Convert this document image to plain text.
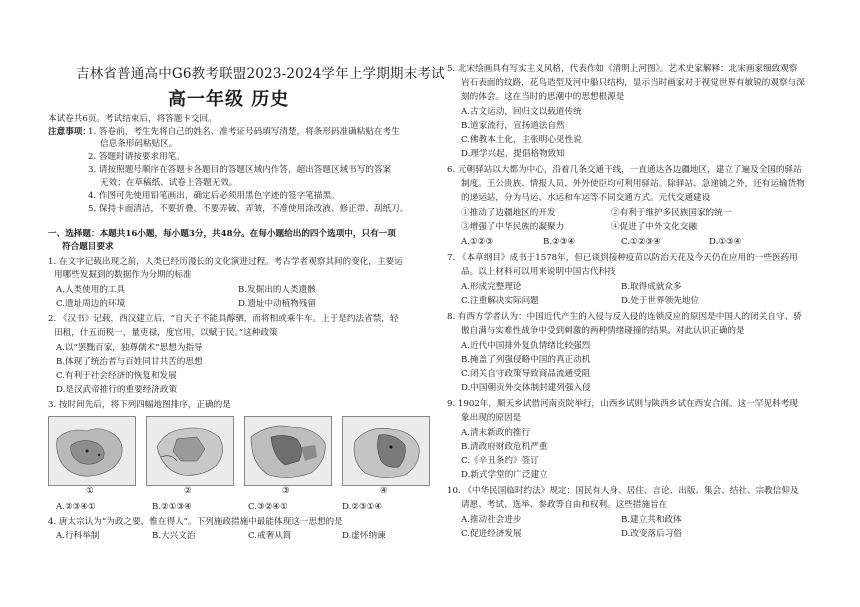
吉林省普通高中G6教考联盟2023-2024学年上学期期末考试
高一年级 历史
本试卷共6页。考试结束后，将答题卡交回。
注意事项：
1. 答卷前，考生先将自己的姓名、准考证号码填写清楚，将条形码准确粘贴在考生
信息条形码粘贴区。
2. 答题时请按要求用笔。
3. 请按照题号顺序在答题卡各题目的答题区域内作答，超出答题区域书写的答案
无效；在草稿纸、试卷上答题无效。
4. 作图可先使用铅笔画出，确定后必须用黑色字迹的签字笔描黑。
5. 保持卡面清洁，不要折叠，不要弄破、弄皱，不准使用涂改液、修正带、刮纸刀。
一、选择题：本题共16小题，每小题3分，共48分。在每小题给出的四个选项中，只有一项
符合题目要求
1. 在文字记载出现之前，人类已经历漫长的文化演进过程。考古学者观察其间的变化，主要运
用哪些发掘到的数据作为分期的标准
A.人类使用的工具	B.发掘出的人类遗骸
C.遗址周边的环境	D.遗址中动植物残留
2. 《汉书》记载，西汉建立后，“自天子不能具醇驷，而将相或乘牛车。上于是约法省禁，轻
田租，什五而税一，量吏禄，度官用，以赋于民。”这种政策
A.以“罢黜百家，独尊儒术”思想为指导
B.体现了统治者与百姓同甘共苦的思想
C.有利于社会经济的恢复和发展
D.是汉武帝推行的重要经济政策
3. 按时间先后，将下列四幅地图排序，正确的是
①	②	③	④
A.②③④①	B.②①③④	C.③②④①	D.②③①④
4. 唐太宗认为“为政之要，惟在得人”。下列施政措施中最能体现这一思想的是
A.行科举制	B.大兴文治	C.戒奢从简	D.虚怀纳谏
5. 北宋绘画具有写实主义风格，代表作如《清明上河图》。艺术史家解释：北宋画家细致观察
岩石表面的纹路，花鸟造型及河中船只结构，显示当时画家对于视觉世界有敏锐的观察与深
刻的体会。这在当时的思潮中的思想根源是
A.古文运动，回归文以载道传统
B.道家流行，宣扬道法自然
C.佛教本土化，主张明心见性说
D.理学兴起，提倡格物致知
6. 元朝驿站以大都为中心，沿着几条交通干线，一直通达各边疆地区，建立了遍及全国的驿站
制度。王公贵族、情报人员、外外使臣均可利用驿站。除驿站、急递铺之外，还有运输货物
的递运站，分为马运、水运和车运等不同交通方式。元代交通建设
①推动了边疆地区的开发	②有利于维护多民族国家的统一
③增强了中华民族的凝聚力	④促进了中外文化交融
A.①②③	B.②③④	C.①②③④	D.①③④
7. 《本草纲目》成书于1578年，但已谈到接种疫苗以防治天花及今天仍在应用的一些医药用
品。以上材料可以用来说明中国古代科技
A.形成完整理论	B.取得成就众多
C.注重解决实际问题	D.处于世界领先地位
8. 有西方学者认为：中国近代产生的入侵与反入侵的连锁反应的原因是中国人的闭关自守、骄
傲自满与实难性战争中受到刺激的两种情绪碰撞的结果。对此认识正确的是
A.近代中国排外复仇情绪比较强烈
B.掩盖了列强侵略中国的真正动机
C.闭关自守政策导致商品流通受阻
D.中国朝贡外交体制封建列强入侵
9. 1902年，顺天乡试借河南贡院举行，山西乡试则与陕西乡试在西安合闱。这一罕见科考现
象出现的原因是
A.清末新政的推行
B.清政府财政危机严重
C.《辛丑条约》签订
D.新式学堂的广泛建立
10. 《中华民国临时约法》规定：国民有人身、居住、言论、出版、集会、结社、宗教信仰及
请愿、考试、选举、参政等自由和权利。这些措施旨在
A.推动社会进步	B.建立共和政体
C.促进经济发展	D.改变落后习俗
